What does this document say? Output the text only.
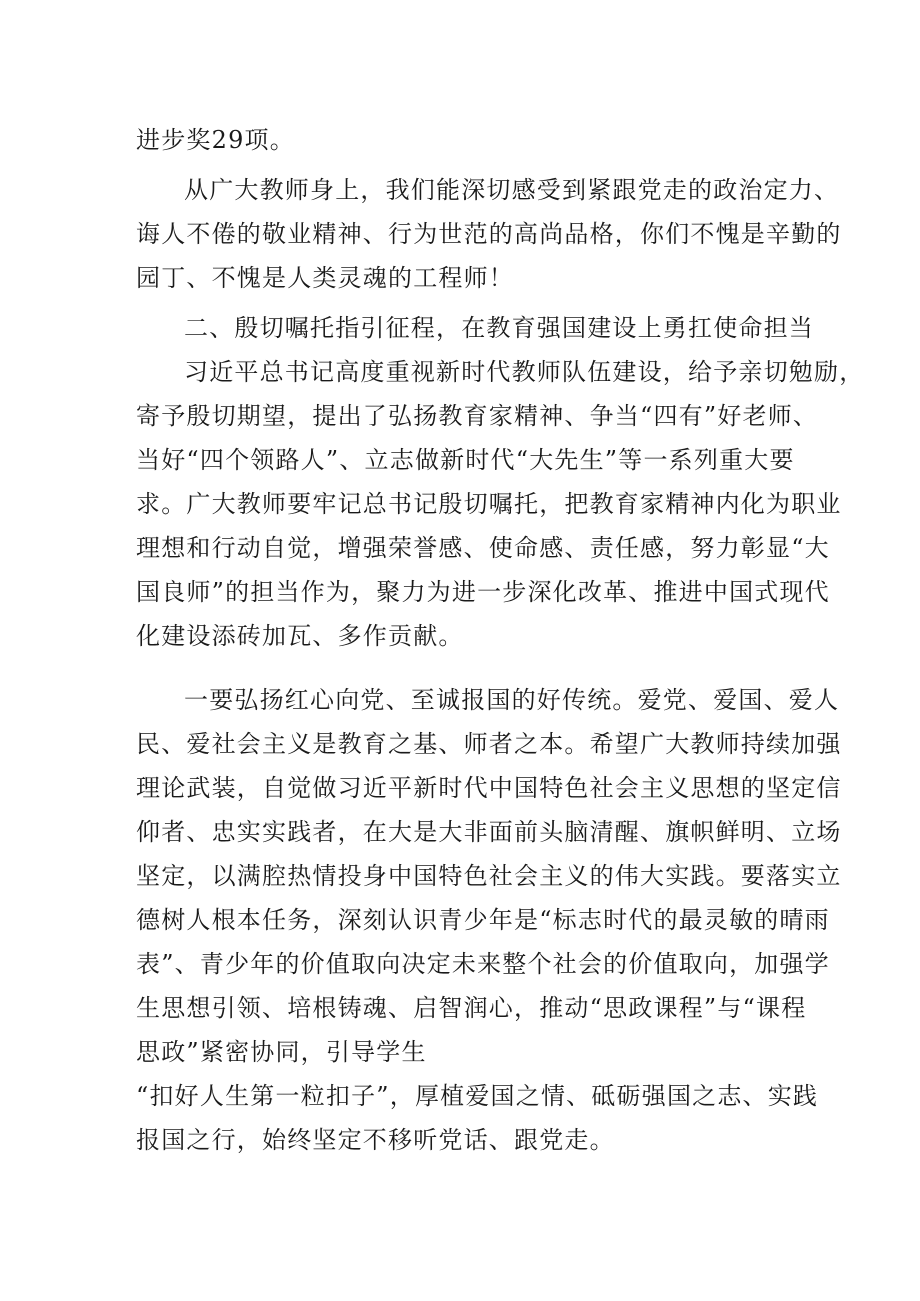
进步奖29项。
从广大教师身上，我们能深切感受到紧跟党走的政治定力、
诲人不倦的敬业精神、行为世范的高尚品格，你们不愧是辛勤的
园丁、不愧是人类灵魂的工程师！
二、殷切嘱托指引征程，在教育强国建设上勇扛使命担当
习近平总书记高度重视新时代教师队伍建设，给予亲切勉励，
寄予殷切期望，提出了弘扬教育家精神、争当“四有”好老师、
当好“四个领路人”、立志做新时代“大先生”等一系列重大要
求。广大教师要牢记总书记殷切嘱托，把教育家精神内化为职业
理想和行动自觉，增强荣誉感、使命感、责任感，努力彰显“大
国良师”的担当作为，聚力为进一步深化改革、推进中国式现代
化建设添砖加瓦、多作贡献。
一要弘扬红心向党、至诚报国的好传统。爱党、爱国、爱人
民、爱社会主义是教育之基、师者之本。希望广大教师持续加强
理论武装，自觉做习近平新时代中国特色社会主义思想的坚定信
仰者、忠实实践者，在大是大非面前头脑清醒、旗帜鲜明、立场
坚定，以满腔热情投身中国特色社会主义的伟大实践。要落实立
德树人根本任务，深刻认识青少年是“标志时代的最灵敏的晴雨
表”、青少年的价值取向决定未来整个社会的价值取向，加强学
生思想引领、培根铸魂、启智润心，推动“思政课程”与“课程
思政”紧密协同，引导学生
“扣好人生第一粒扣子”，厚植爱国之情、砥砺强国之志、实践
报国之行，始终坚定不移听党话、跟党走。
